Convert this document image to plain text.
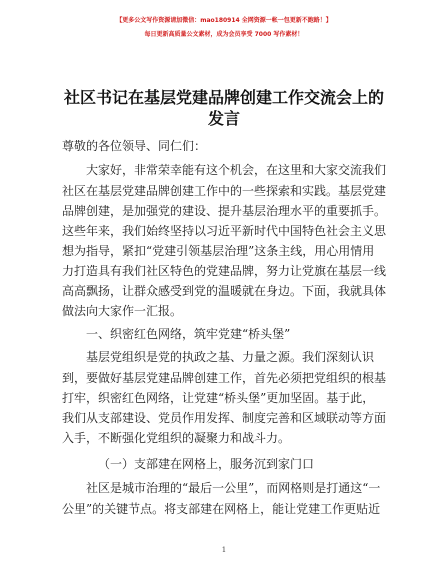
【更多公文写作资源请加微信：mao180914 全网资源一帐一包更新不跑路！】
每日更新高质量公文素材，成为会员享受 7000 写作素材！
社区书记在基层党建品牌创建工作交流会上的
发言
尊敬的各位领导、同仁们：
大家好，非常荣幸能有这个机会，在这里和大家交流我们
社区在基层党建品牌创建工作中的一些探索和实践。基层党建
品牌创建，是加强党的建设、提升基层治理水平的重要抓手。
这些年来，我们始终坚持以习近平新时代中国特色社会主义思
想为指导，紧扣“党建引领基层治理”这条主线，用心用情用
力打造具有我们社区特色的党建品牌，努力让党旗在基层一线
高高飘扬，让群众感受到党的温暖就在身边。下面，我就具体
做法向大家作一汇报。
一、织密红色网络，筑牢党建“桥头堡”
基层党组织是党的执政之基、力量之源。我们深刻认识
到，要做好基层党建品牌创建工作，首先必须把党组织的根基
打牢，织密红色网络，让党建“桥头堡”更加坚固。基于此，
我们从支部建设、党员作用发挥、制度完善和区域联动等方面
入手，不断强化党组织的凝聚力和战斗力。
（一）支部建在网格上，服务沉到家门口
社区是城市治理的“最后一公里”，而网格则是打通这“一
公里”的关键节点。将支部建在网格上，能让党建工作更贴近
1
